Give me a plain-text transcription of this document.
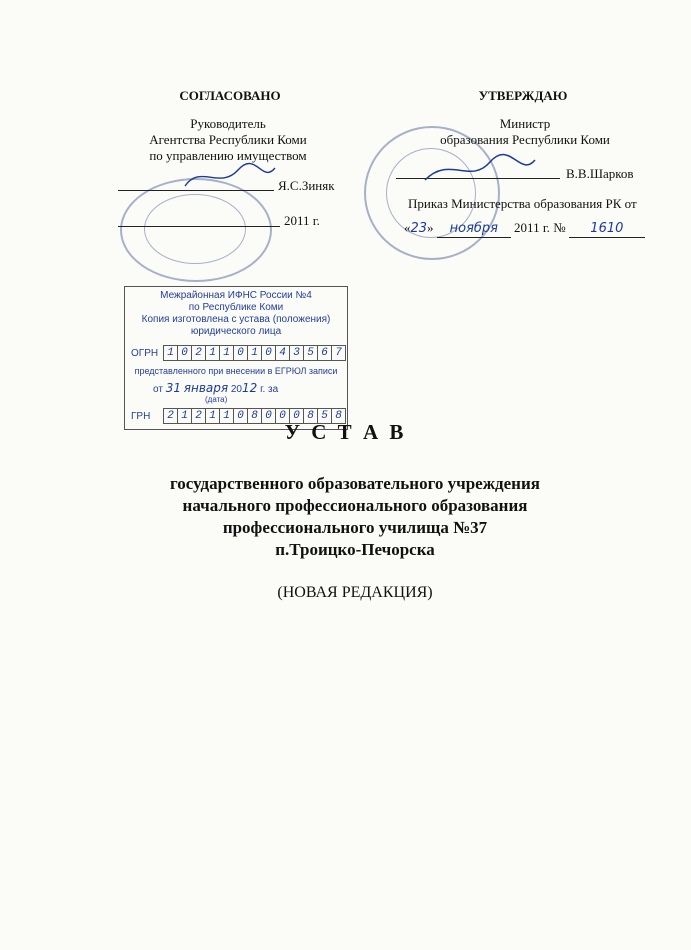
СОГЛАСОВАНО
Руководитель
Агентства Республики Коми
по управлению имуществом
Я.С.Зиняк
2011 г.
УТВЕРЖДАЮ
Министр
образования Республики Коми
В.В.Шарков
Приказ Министерства образования РК от
«23» ноября 2011 г. № 1610
Межрайонная ИФНС России №4
по Республике Коми
Копия изготовлена с устава (положения)
юридического лица
ОГРН 1 0 2 1 1 0 1 0 4 3 5 6 7
представленного при внесении в ЕГРЮЛ записи
от 31 января 2012 г. за
(дата)
ГРН	2 1 2 1 1 0 8 0 0 0 8 5 8
У С Т А В
государственного образовательного учреждения
начального профессионального образования
профессионального училища №37
п.Троицко-Печорска
(НОВАЯ РЕДАКЦИЯ)
